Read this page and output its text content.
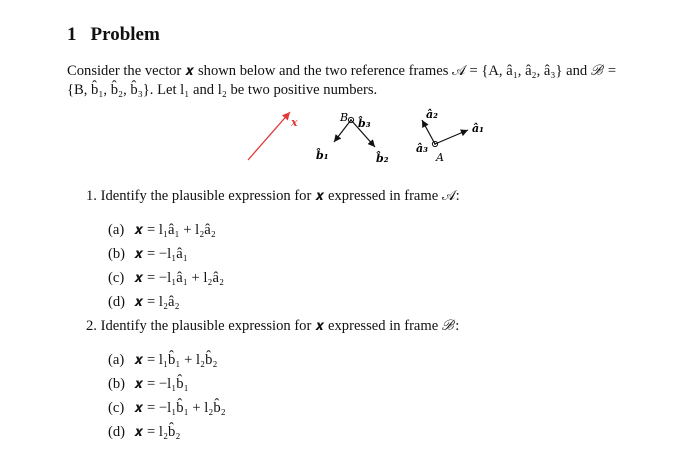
1 Problem
Consider the vector 𝒙 shown below and the two reference frames 𝒜 = {A, â₁, â₂, â₃} and ℬ =
{B, b̂₁, b̂₂, b̂₃}. Let l₁ and l₂ be two positive numbers.
𝒙	B b̂₃
b̂₁	b̂₂
â₂
â₁
â₃
A
1. Identify the plausible expression for 𝒙 expressed in frame 𝒜:
(a) 𝒙 = l₁â₁ + l₂â₂
(b) 𝒙 = −l₁â₁
(c) 𝒙 = −l₁â₁ + l₂â₂
(d) 𝒙 = l₂â₂
2. Identify the plausible expression for 𝒙 expressed in frame ℬ:
(a) 𝒙 = l₁b̂₁ + l₂b̂₂
(b) 𝒙 = −l₁b̂₁
(c) 𝒙 = −l₁b̂₁ + l₂b̂₂
(d) 𝒙 = l₂b̂₂
